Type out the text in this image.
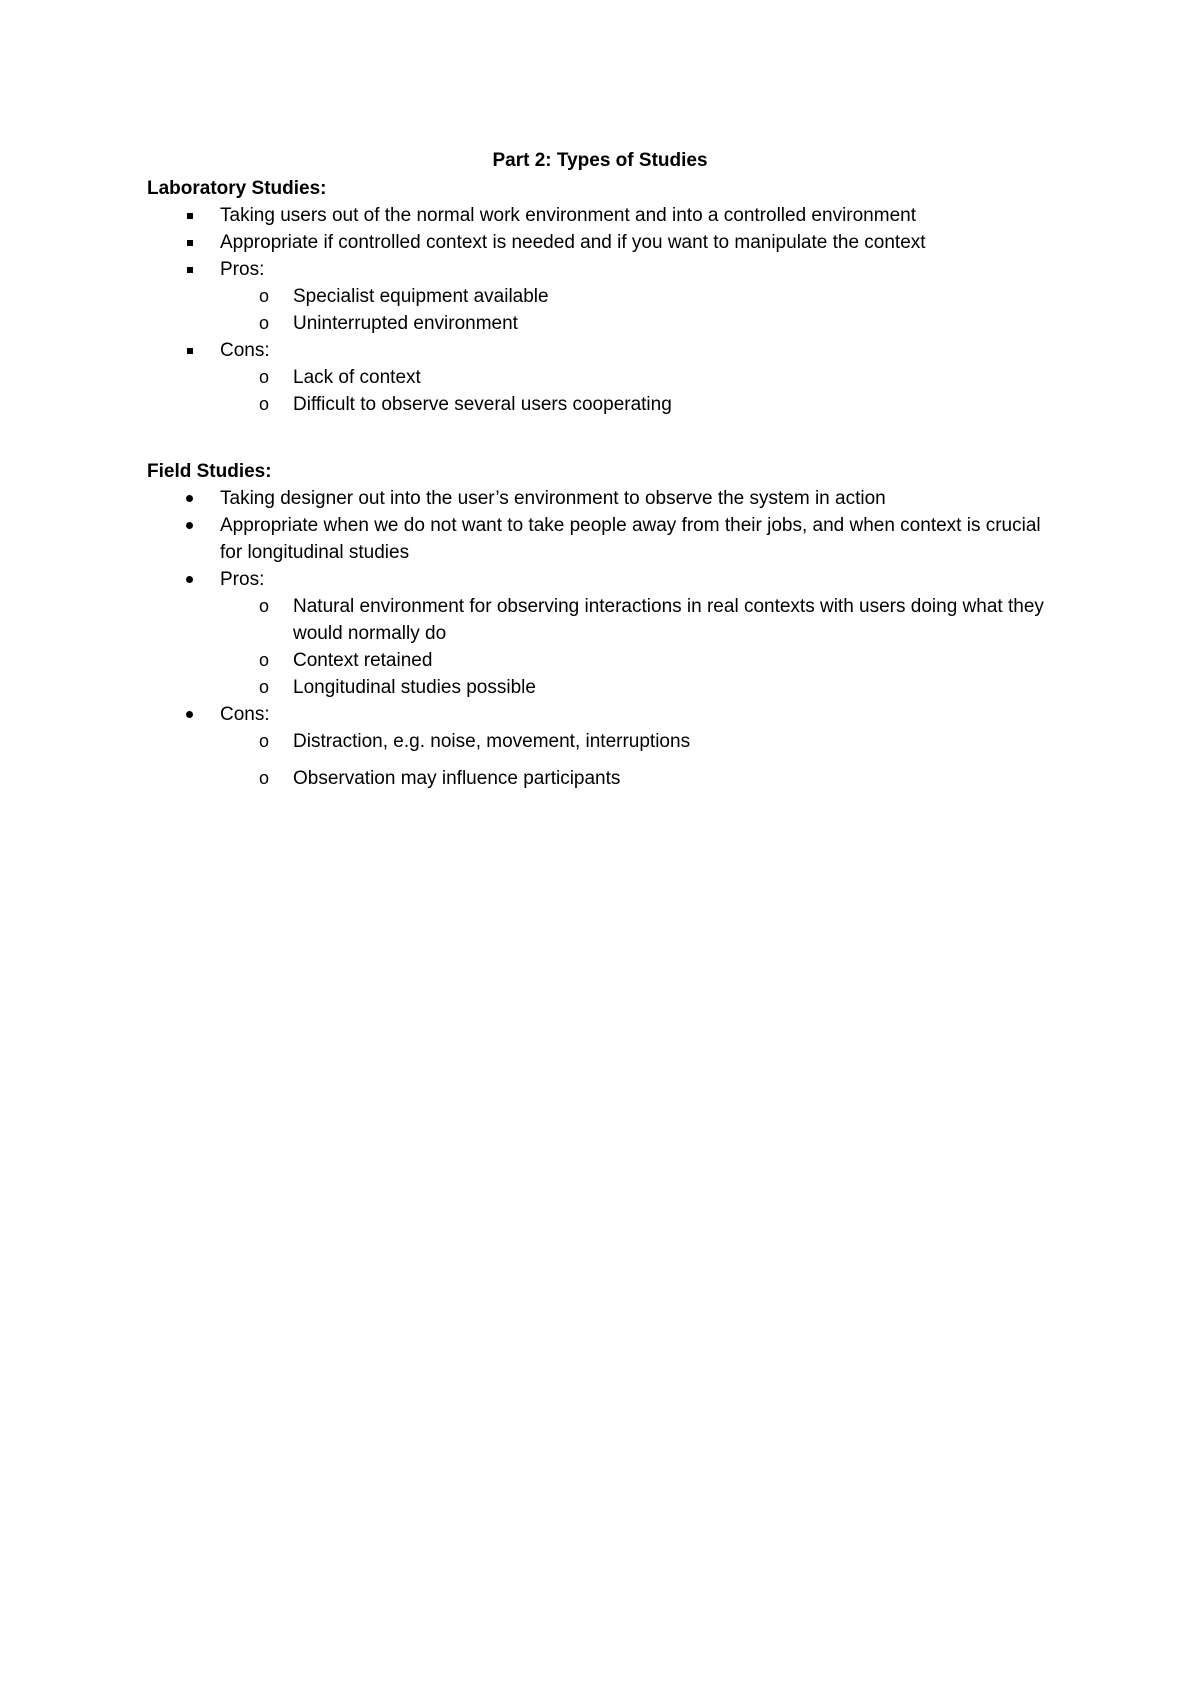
Part 2: Types of Studies
Laboratory Studies:
Taking users out of the normal work environment and into a controlled environment
Appropriate if controlled context is needed and if you want to manipulate the context
Pros:
o Specialist equipment available
o Uninterrupted environment
Cons:
o Lack of context
o Difficult to observe several users cooperating
Field Studies:
Taking designer out into the user’s environment to observe the system in action
Appropriate when we do not want to take people away from their jobs, and when context is crucial for longitudinal studies
Pros:
o Natural environment for observing interactions in real contexts with users doing what they would normally do
o Context retained
o Longitudinal studies possible
Cons:
o Distraction, e.g. noise, movement, interruptions
o Observation may influence participants
